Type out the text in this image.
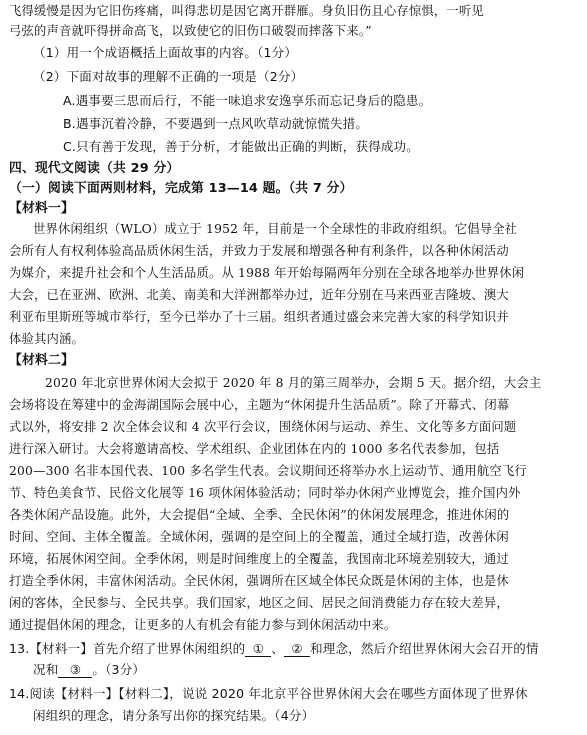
飞得缓慢是因为它旧伤疼痛，叫得悲切是因它离开群雁。身负旧伤且心存惊惧，一听见
弓弦的声音就吓得拼命高飞，以致使它的旧伤口破裂而摔落下来。”
（1）用一个成语概括上面故事的内容。（1分）
（2）下面对故事的理解不正确的一项是（2分）
A.遇事要三思而后行，不能一味追求安逸享乐而忘记身后的隐患。
B.遇事沉着冷静，不要遇到一点风吹草动就惊慌失措。
C.只有善于发现，善于分析，才能做出正确的判断，获得成功。
四、现代文阅读（共 29 分）
（一）阅读下面两则材料，完成第 13—14 题。（共 7 分）
【材料一】
世界休闲组织（WLO）成立于 1952 年，目前是一个全球性的非政府组织。它倡导全社
会所有人有权利体验高品质休闲生活，并致力于发展和增强各种有利条件，以各种休闲活动
为媒介，来提升社会和个人生活品质。从 1988 年开始每隔两年分别在全球各地举办世界休闲
大会，已在亚洲、欧洲、北美、南美和大洋洲都举办过，近年分别在马来西亚吉隆坡、澳大
利亚布里斯班等城市举行，至今已举办了十三届。组织者通过盛会来完善大家的科学知识并
体验其内涵。
【材料二】
2020 年北京世界休闲大会拟于 2020 年 8 月的第三周举办，会期 5 天。据介绍，大会主
会场将设在筹建中的金海湖国际会展中心，主题为“休闲提升生活品质”。除了开幕式、闭幕
式以外，将安排 2 次全体会议和 4 次平行会议，围绕休闲与运动、养生、文化等多方面问题
进行深入研讨。大会将邀请高校、学术组织、企业团体在内的 1000 多名代表参加，包括
200—300 名非本国代表、100 多名学生代表。会议期间还将举办水上运动节、通用航空飞行
节、特色美食节、民俗文化展等 16 项休闲体验活动；同时举办休闲产业博览会，推介国内外
各类休闲产品设施。此外，大会提倡“全域、全季、全民休闲”的休闲发展理念，推进休闲的
时间、空间、主体全覆盖。全域休闲，强调的是空间上的全覆盖，通过全域打造，改善休闲
环境，拓展休闲空间。全季休闲，则是时间维度上的全覆盖，我国南北环境差别较大，通过
打造全季休闲，丰富休闲活动。全民休闲，强调所在区域全体民众既是休闲的主体，也是休
闲的客体，全民参与、全民共享。我们国家，地区之间、居民之间消费能力存在较大差异，
通过提倡休闲的理念，让更多的人有机会有能力参与到休闲活动中来。
13.【材料一】首先介绍了世界休闲组织的 ① 、 ② 和理念，然后介绍世界休闲大会召开的情
况和 ③ 。（3分）
14.阅读【材料一】【材料二】，说说 2020 年北京平谷世界休闲大会在哪些方面体现了世界休
闲组织的理念，请分条写出你的探究结果。（4分）
